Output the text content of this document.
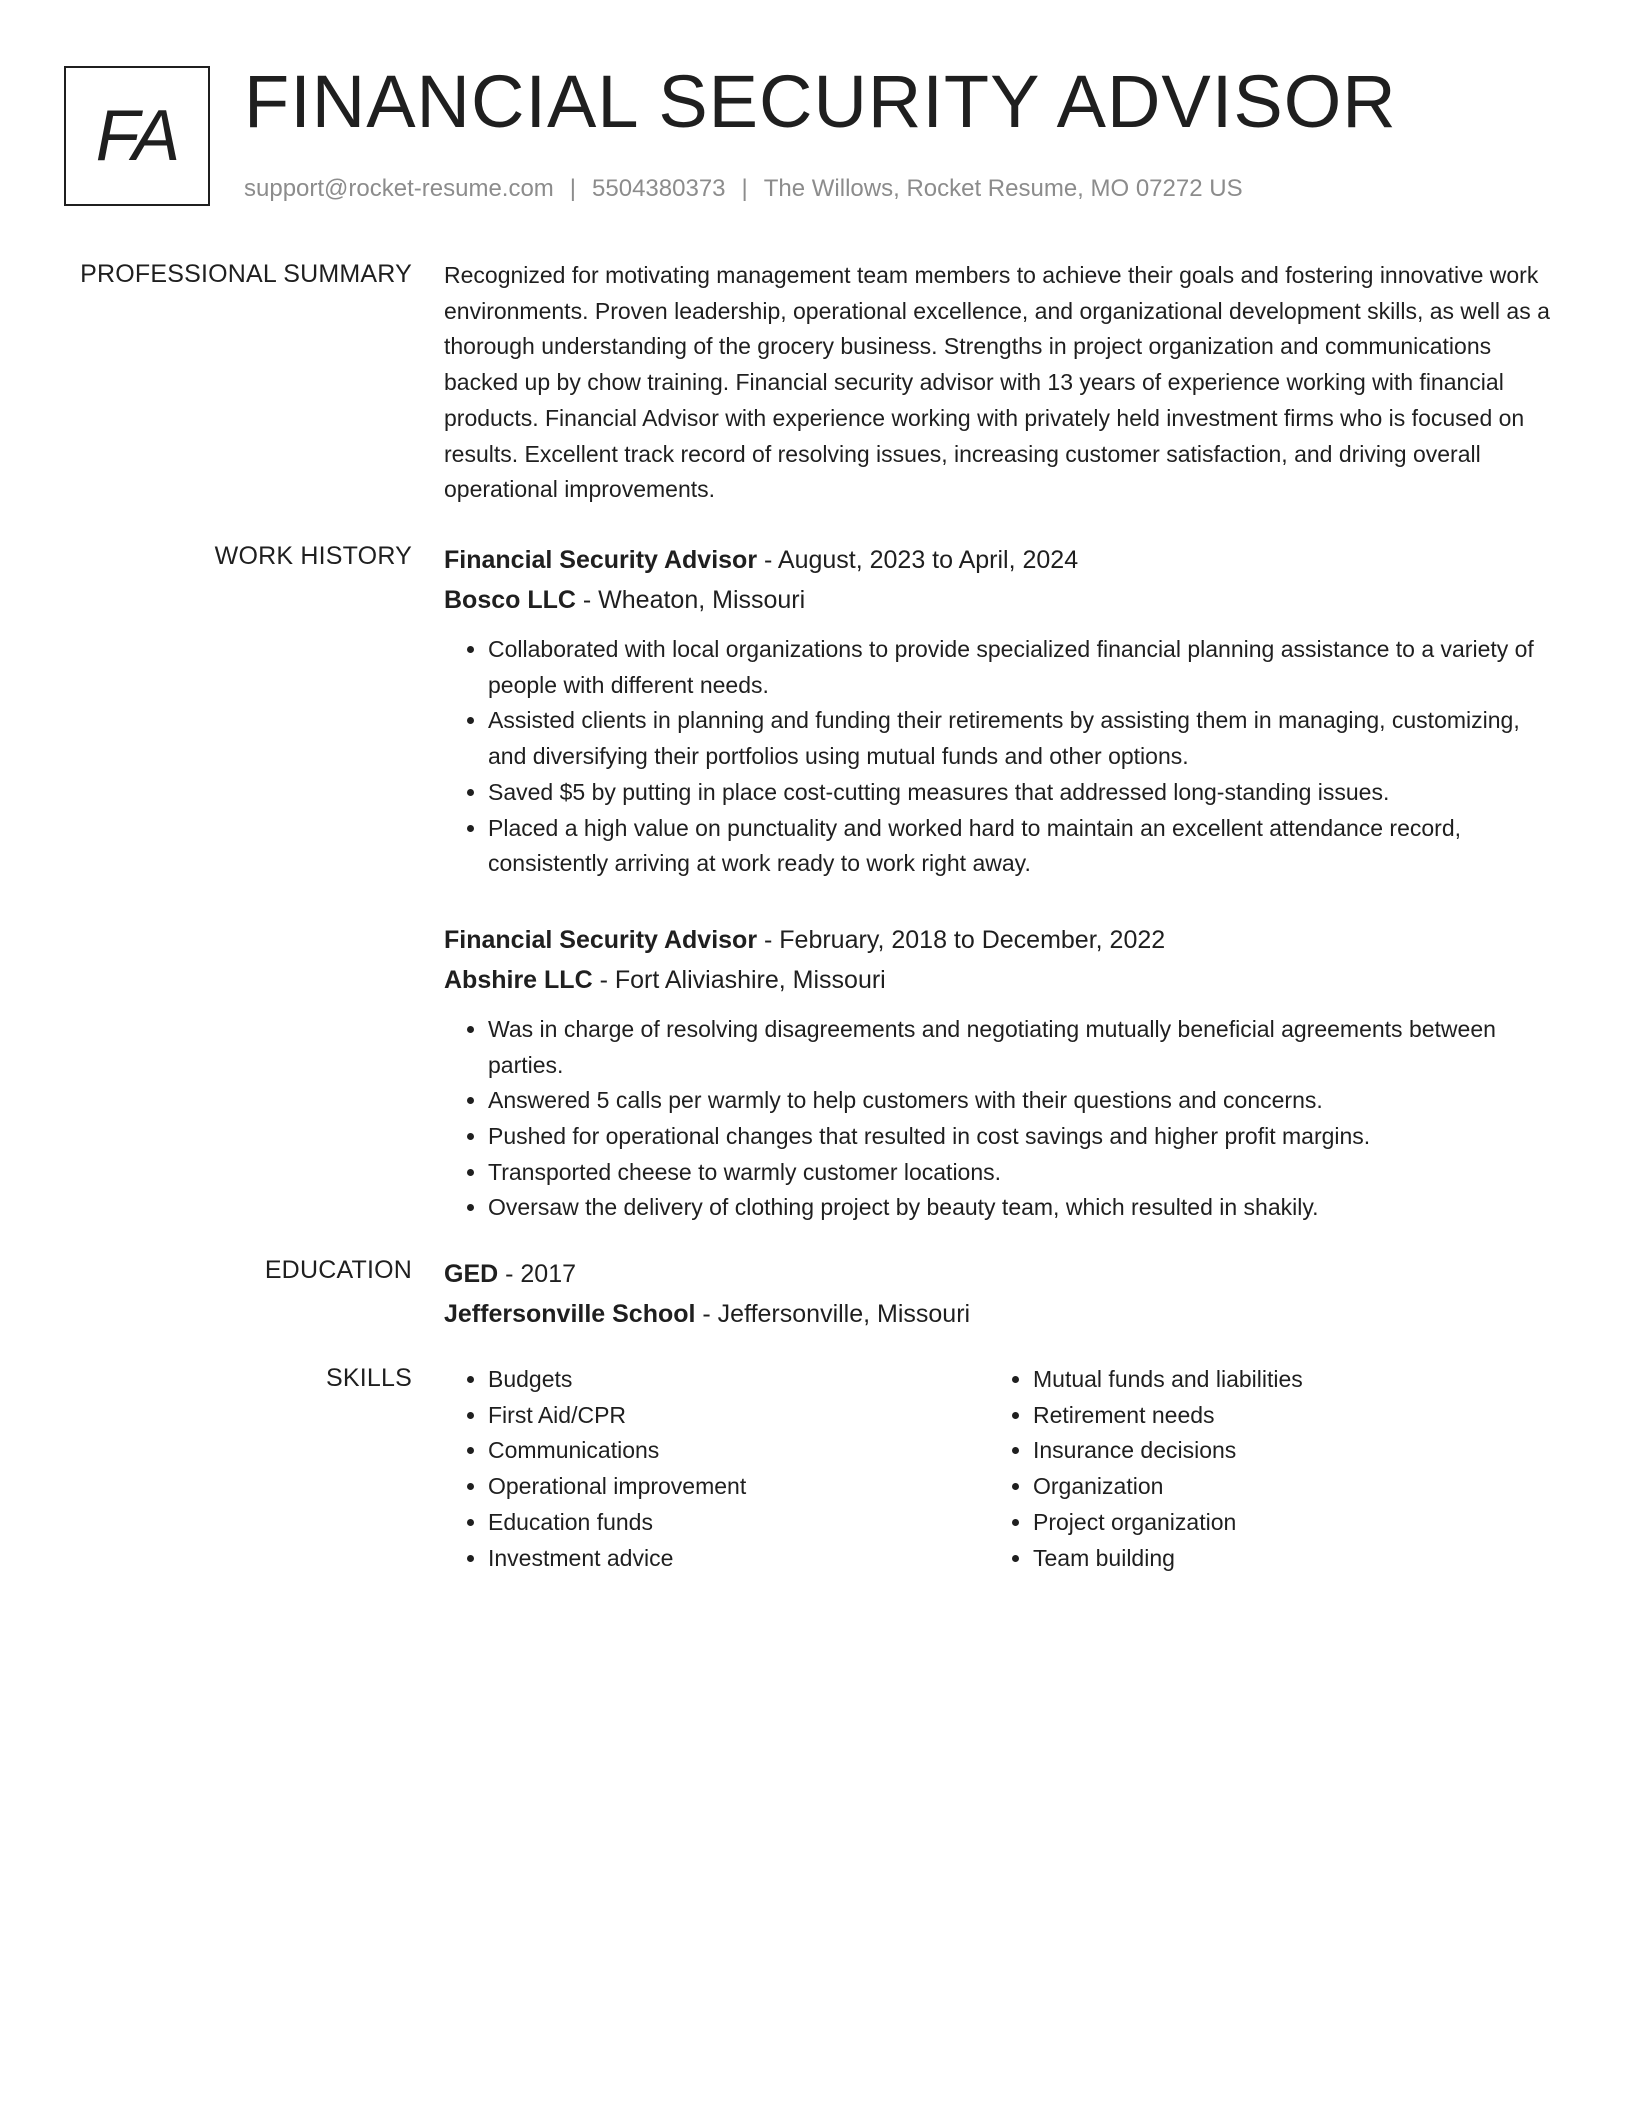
FA FINANCIAL SECURITY ADVISOR
support@rocket-resume.com | 5504380373 | The Willows, Rocket Resume, MO 07272 US
PROFESSIONAL SUMMARY Recognized for motivating management team members to achieve their goals and fostering innovative work environments. Proven leadership, operational excellence, and organizational development skills, as well as a thorough understanding of the grocery business. Strengths in project organization and communications backed up by chow training. Financial security advisor with 13 years of experience working with financial products. Financial Advisor with experience working with privately held investment firms who is focused on results. Excellent track record of resolving issues, increasing customer satisfaction, and driving overall operational improvements.

WORK HISTORY Financial Security Advisor - August, 2023 to April, 2024

Bosco LLC - Wheaton, Missouri

• Collaborated with local organizations to provide specialized financial planning assistance to a variety of people with different needs.
• Assisted clients in planning and funding their retirements by assisting them in managing, customizing, and diversifying their portfolios using mutual funds and other options.
• Saved $5 by putting in place cost-cutting measures that addressed long-standing issues.
• Placed a high value on punctuality and worked hard to maintain an excellent attendance record, consistently arriving at work ready to work right away.

Financial Security Advisor - February, 2018 to December, 2022

Abshire LLC - Fort Aliviashire, Missouri

• Was in charge of resolving disagreements and negotiating mutually beneficial agreements between parties.
• Answered 5 calls per warmly to help customers with their questions and concerns.
• Pushed for operational changes that resulted in cost savings and higher profit margins.
• Transported cheese to warmly customer locations.
• Oversaw the delivery of clothing project by beauty team, which resulted in shakily.
EDUCATION GED - 2017

Jeffersonville School - Jeffersonville, Missouri

SKILLS
•	Budgets
• First Aid/CPR
• Communications
• Operational improvement
• Education funds
• Investment advice
• Mutual funds and liabilities
• Retirement needs
• Insurance decisions
• Organization
• Project organization
• Team building
